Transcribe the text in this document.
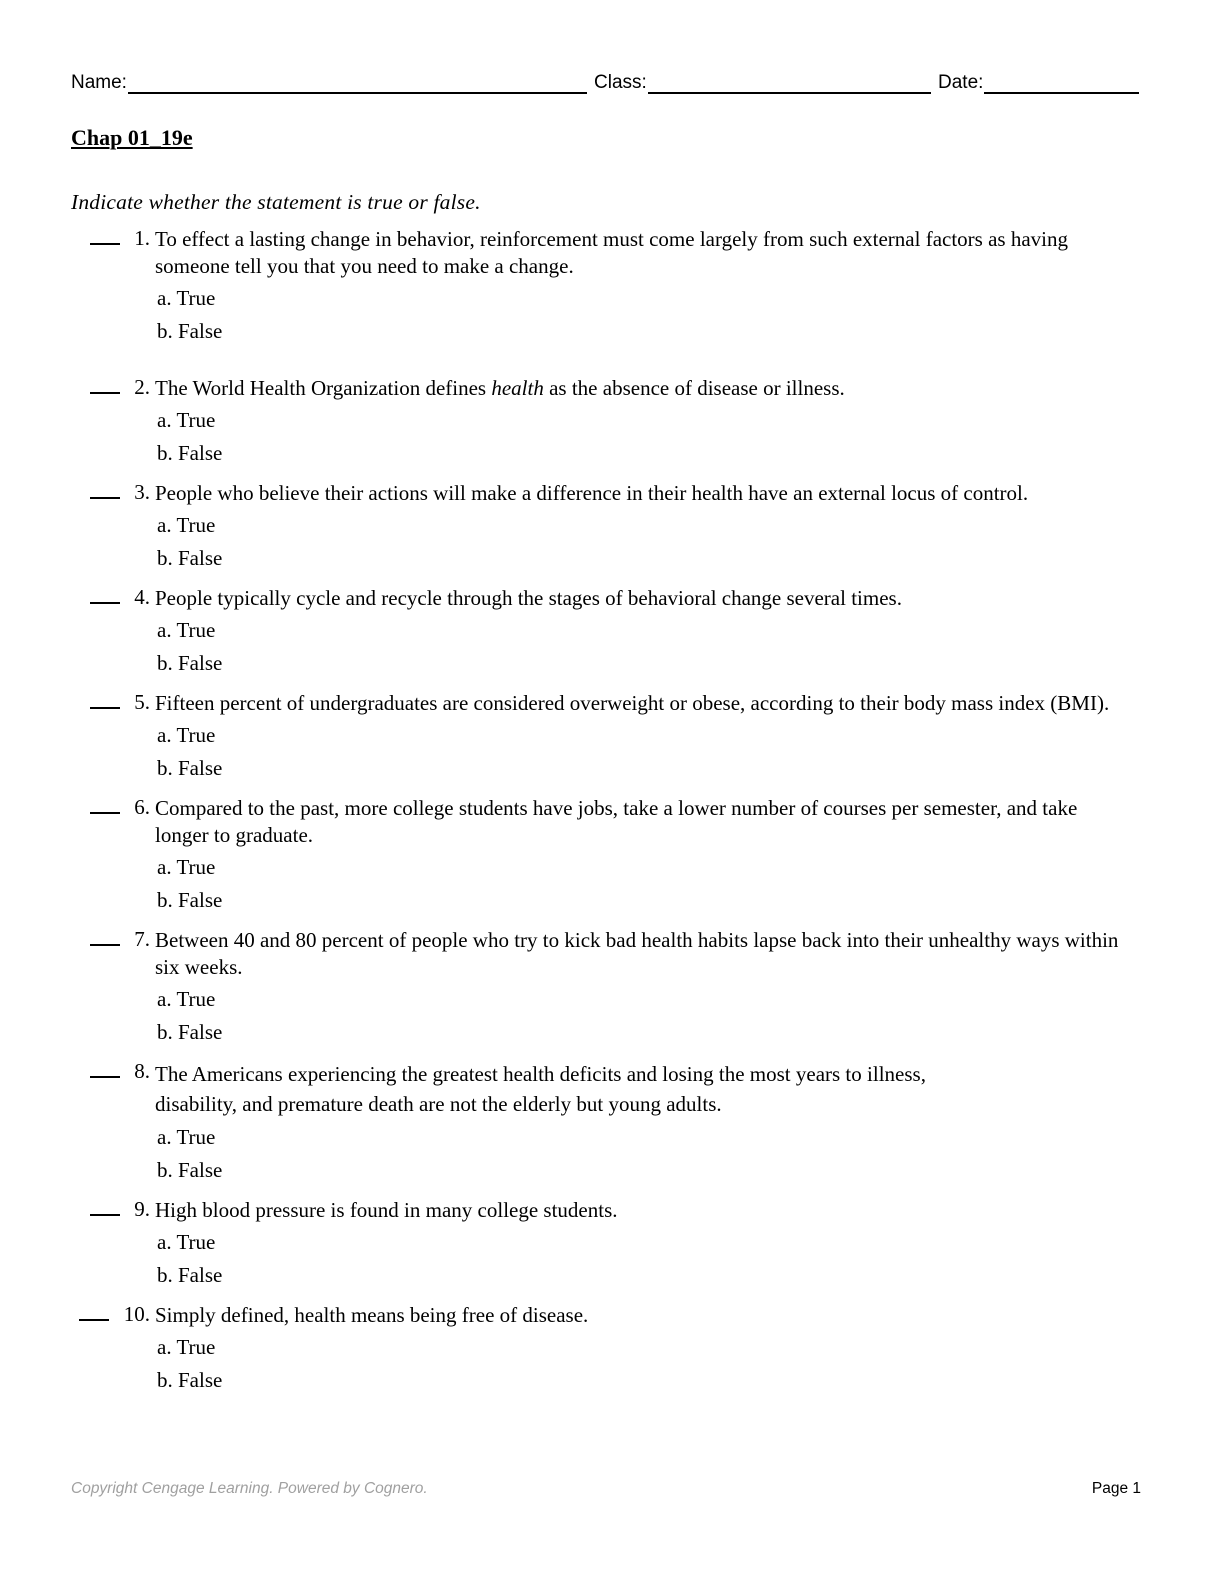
Name:	Class:	Date:
Chap 01_19e
Indicate whether the statement is true or false.
1. To effect a lasting change in behavior, reinforcement must come largely from such external factors as having someone tell you that you need to make a change.
a. True
b. False
2. The World Health Organization defines health as the absence of disease or illness.
a. True
b. False
3. People who believe their actions will make a difference in their health have an external locus of control.
a. True
b. False
4. People typically cycle and recycle through the stages of behavioral change several times.
a. True
b. False
5. Fifteen percent of undergraduates are considered overweight or obese, according to their body mass index (BMI).
a. True
b. False
6. Compared to the past, more college students have jobs, take a lower number of courses per semester, and take longer to graduate.
a. True
b. False
7. Between 40 and 80 percent of people who try to kick bad health habits lapse back into their unhealthy ways within six weeks.
a. True
b. False
8. The Americans experiencing the greatest health deficits and losing the most years to illness, disability, and premature death are not the elderly but young adults.
a. True
b. False
9. High blood pressure is found in many college students.
a. True
b. False
10. Simply defined, health means being free of disease.
a. True
b. False
Copyright Cengage Learning. Powered by Cognero.	Page 1
